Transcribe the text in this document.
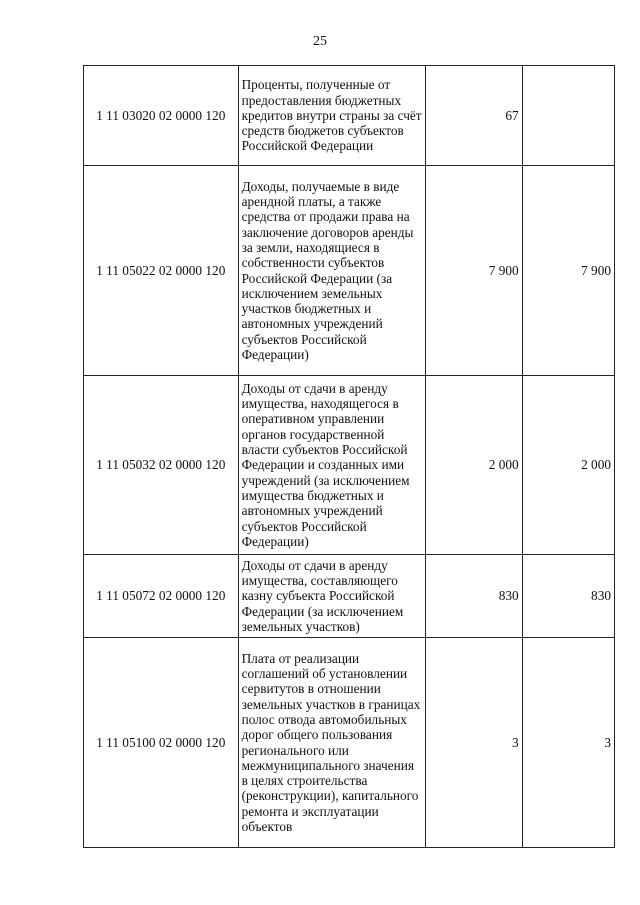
25
1 11 03020 02 0000 120	Проценты, полученные от предоставления бюджетных кредитов внутри страны за счёт средств бюджетов субъектов Российской Федерации	67	
1 11 05022 02 0000 120	Доходы, получаемые в виде арендной платы, а также средства от продажи права на заключение договоров аренды за земли, находящиеся в собственности субъектов Российской Федерации (за исключением земельных участков бюджетных и автономных учреждений субъектов Российской Федерации)	7 900	7 900
1 11 05032 02 0000 120	Доходы от сдачи в аренду имущества, находящегося в оперативном управлении органов государственной власти субъектов Российской Федерации и созданных ими учреждений (за исключением имущества бюджетных и автономных учреждений субъектов Российской Федерации)	2 000	2 000
1 11 05072 02 0000 120	Доходы от сдачи в аренду имущества, составляющего казну субъекта Российской Федерации (за исключением земельных участков)	830	830
1 11 05100 02 0000 120	Плата от реализации соглашений об установлении сервитутов в отношении земельных участков в границах полос отвода автомобильных дорог общего пользования регионального или межмуниципального значения в целях строительства (реконструкции), капитального ремонта и эксплуатации объектов	3	3
